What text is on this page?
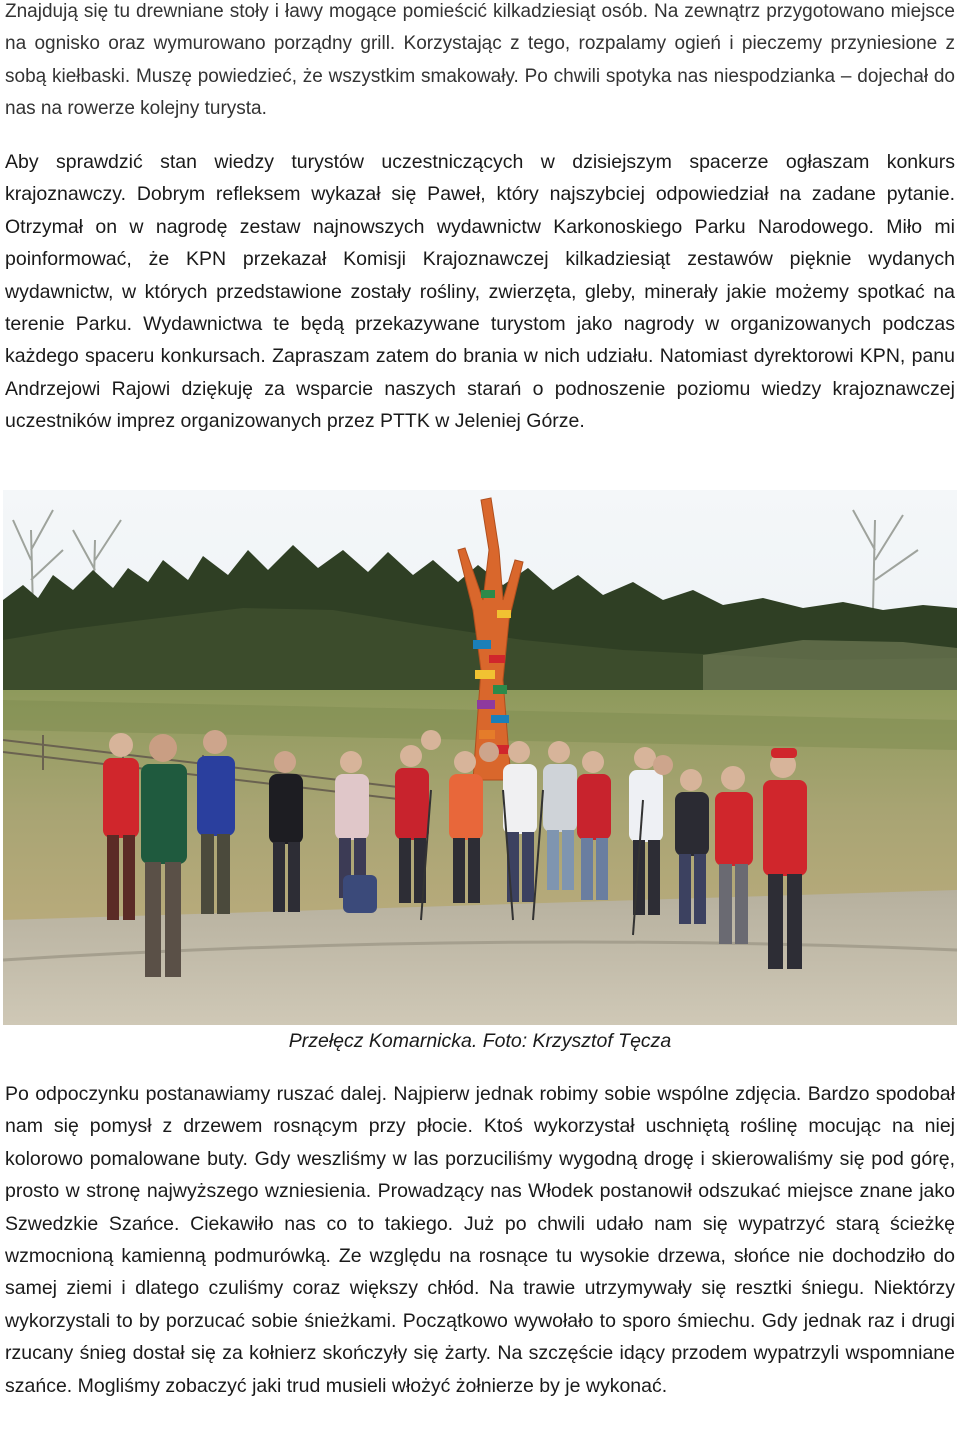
Znajdują się tu drewniane stoły i ławy mogące pomieścić kilkadziesiąt osób. Na zewnątrz przygotowano miejsce na ognisko oraz wymurowano porządny grill. Korzystając z tego, rozpalamy ogień i pieczemy przyniesione z sobą kiełbaski. Muszę powiedzieć, że wszystkim smakowały. Po chwili spotyka nas niespodzianka – dojechał do nas na rowerze kolejny turysta.

Aby sprawdzić stan wiedzy turystów uczestniczących w dzisiejszym spacerze ogłaszam konkurs krajoznawczy. Dobrym refleksem wykazał się Paweł, który najszybciej odpowiedział na zadane pytanie. Otrzymał on w nagrodę zestaw najnowszych wydawnictw Karkonoskiego Parku Narodowego. Miło mi poinformować, że KPN przekazał Komisji Krajoznawczej kilkadziesiąt zestawów pięknie wydanych wydawnictw, w których przedstawione zostały rośliny, zwierzęta, gleby, minerały jakie możemy spotkać na terenie Parku. Wydawnictwa te będą przekazywane turystom jako nagrody w organizowanych podczas każdego spaceru konkursach. Zapraszam zatem do brania w nich udziału. Natomiast dyrektorowi KPN, panu Andrzejowi Rajowi dziękuję za wsparcie naszych starań o podnoszenie poziomu wiedzy krajoznawczej uczestników imprez organizowanych przez PTTK w Jeleniej Górze.

Przełęcz Komarnicka. Foto: Krzysztof Tęcza

Po odpoczynku postanawiamy ruszać dalej. Najpierw jednak robimy sobie wspólne zdjęcia. Bardzo spodobał nam się pomysł z drzewem rosnącym przy płocie. Ktoś wykorzystał uschniętą roślinę mocując na niej kolorowo pomalowane buty. Gdy weszliśmy w las porzuciliśmy wygodną drogę i skierowaliśmy się pod górę, prosto w stronę najwyższego wzniesienia. Prowadzący nas Włodek postanowił odszukać miejsce znane jako Szwedzkie Szańce. Ciekawiło nas co to takiego. Już po chwili udało nam się wypatrzyć starą ścieżkę wzmocnioną kamienną podmurówką. Ze względu na rosnące tu wysokie drzewa, słońce nie dochodziło do samej ziemi i dlatego czuliśmy coraz większy chłód. Na trawie utrzymywały się resztki śniegu. Niektórzy wykorzystali to by porzucać sobie śnieżkami. Początkowo wywołało to sporo śmiechu. Gdy jednak raz i drugi rzucany śnieg dostał się za kołnierz skończyły się żarty. Na szczęście idący przodem wypatrzyli wspomniane szańce. Mogliśmy zobaczyć jaki trud musieli włożyć żołnierze by je wykonać.
